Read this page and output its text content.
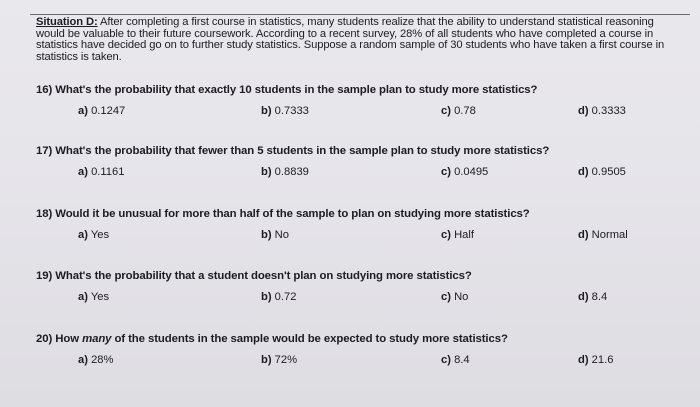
Situation D: After completing a first course in statistics, many students realize that the ability to understand statistical reasoning would be valuable to their future coursework. According to a recent survey, 28% of all students who have completed a course in statistics have decided go on to further study statistics. Suppose a random sample of 30 students who have taken a first course in statistics is taken.
16) What's the probability that exactly 10 students in the sample plan to study more statistics?
a) 0.1247	b) 0.7333	c) 0.78	d) 0.3333
17) What's the probability that fewer than 5 students in the sample plan to study more statistics?
a) 0.1161	b) 0.8839	c) 0.0495	d) 0.9505
18) Would it be unusual for more than half of the sample to plan on studying more statistics?
a) Yes	b) No	c) Half	d) Normal
19) What's the probability that a student doesn't plan on studying more statistics?
a) Yes	b) 0.72	c) No	d) 8.4
20) How many of the students in the sample would be expected to study more statistics?
a) 28%	b) 72%	c) 8.4	d) 21.6
